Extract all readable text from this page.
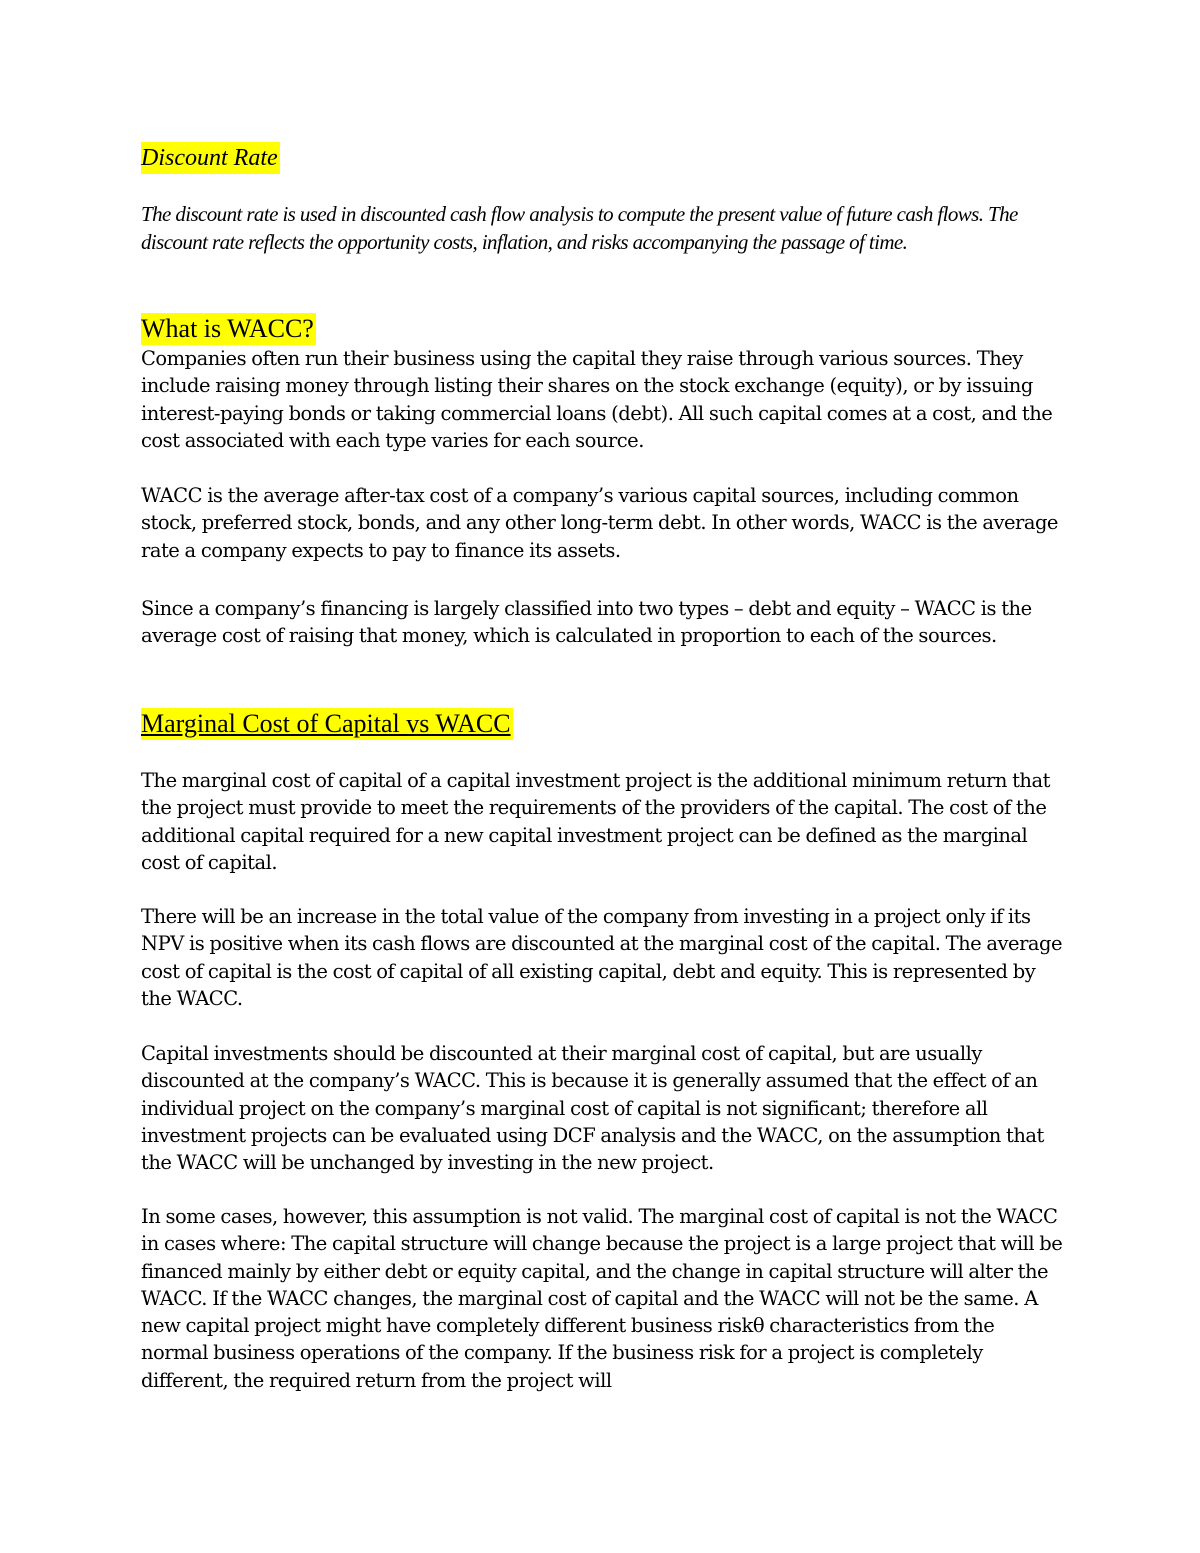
Discount Rate

The discount rate is used in discounted cash flow analysis to compute the present value of future cash flows. The discount rate reflects the opportunity costs, inflation, and risks accompanying the passage of time.

What is WACC?

Companies often run their business using the capital they raise through various sources. They include raising money through listing their shares on the stock exchange (equity), or by issuing interest-paying bonds or taking commercial loans (debt). All such capital comes at a cost, and the cost associated with each type varies for each source.

WACC is the average after-tax cost of a company’s various capital sources, including common stock, preferred stock, bonds, and any other long-term debt. In other words, WACC is the average rate a company expects to pay to finance its assets.

Since a company’s financing is largely classified into two types – debt and equity – WACC is the average cost of raising that money, which is calculated in proportion to each of the sources.

Marginal Cost of Capital vs WACC

The marginal cost of capital of a capital investment project is the additional minimum return that the project must provide to meet the requirements of the providers of the capital. The cost of the additional capital required for a new capital investment project can be defined as the marginal cost of capital.

There will be an increase in the total value of the company from investing in a project only if its NPV is positive when its cash flows are discounted at the marginal cost of the capital. The average cost of capital is the cost of capital of all existing capital, debt and equity. This is represented by the WACC.

Capital investments should be discounted at their marginal cost of capital, but are usually discounted at the company’s WACC. This is because it is generally assumed that the effect of an individual project on the company’s marginal cost of capital is not significant; therefore all investment projects can be evaluated using DCF analysis and the WACC, on the assumption that the WACC will be unchanged by investing in the new project.

In some cases, however, this assumption is not valid. The marginal cost of capital is not the WACC in cases where: The capital structure will change because the project is a large project that will be financed mainly by either debt or equity capital, and the change in capital structure will alter the WACC. If the WACC changes, the marginal cost of capital and the WACC will not be the same. A new capital project might have completely different business riskθ characteristics from the normal business operations of the company. If the business risk for a project is completely different, the required return from the project will
